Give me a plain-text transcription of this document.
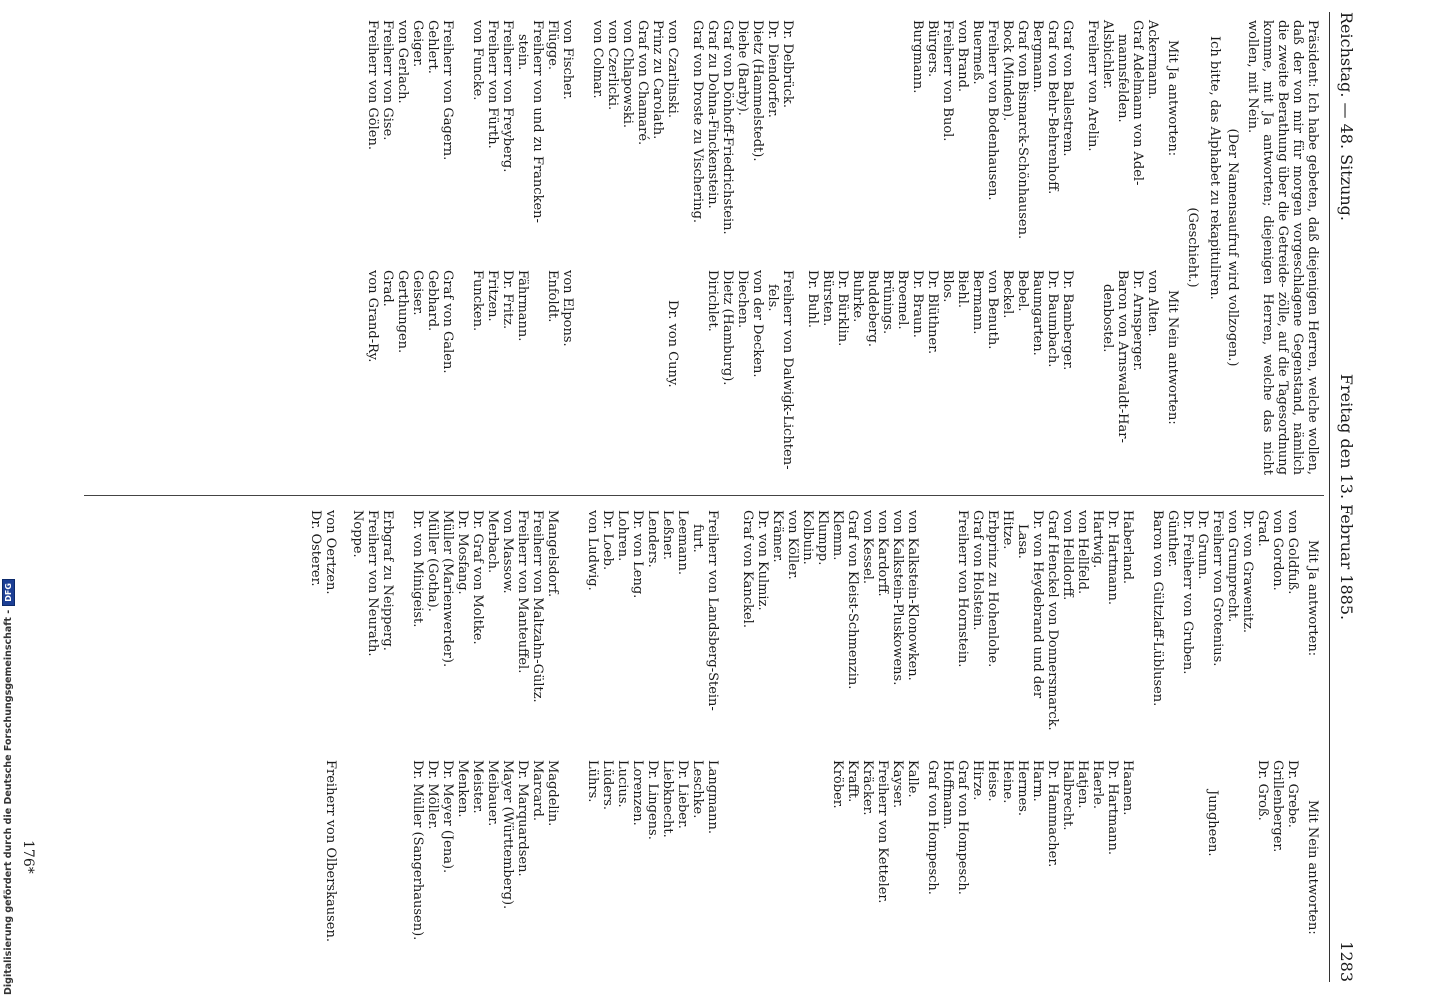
Reichstag. — 48. Sitzung.
Freitag den 13. Februar 1885.
1283
Präsident: Ich habe gebeten, daß diejenigen Herren, welche wollen, daß der von mir für morgen vorgeschlagene Gegenstand, nämlich die zweite Berathung über die Getreide- zölle, auf die Tagesordnung komme, mit Ja antworten; diejenigen Herren, welche das nicht wollen, mit Nein.
(Der Namensaufruf wird vollzogen.)
Ich bitte, das Alphabet zu rekapituliren.
(Geschieht.)
Mit Ja antworten:
Mit Nein antworten:
Ackermann.
Graf Adelmann von Adel-
mannsfelden.
Alsbichler.
Freiherr von Arelin.
von Alten.
Dr. Arnsperger.
Baron von Arnswaldt-Har-
denbostel.
Graf von Ballestrem.
Graf von Behr-Behrenhoff.
Bergmann.
Graf von Bismarck-Schönhausen.
Bock (Minden).
Freiherr von Bodenhausen.
Buermeß.
von Brand.
Freiherr von Buol.
Bürgers.
Burgmann.
Dr. Bamberger.
Dr. Baumbach.
Baumgarten.
Bebel.
Beckel.
von Benuth.
Bermann.
Biehl.
Blos.
Dr. Blüthner.
Dr. Braun.
Broemel.
Brünings.
Buddeberg.
Buhrke.
Dr. Bürklin.
Bürsten.
Dr. Buhl.
Dr. Delbrück.
Dr. Diendorfer.
Dietz (Hammelstedt).
Diehe (Barby).
Graf von Dönhoff-Friedrichstein.
Graf zu Dohna-Finckenstein.
Graf von Droste zu Vischering.
Freiherr von Dalwigk-Lichten-
fels.
von der Decken.
Diechen.
Dietz (Hamburg).
Dirichlet.
von Czarlinski.
Prinz zu Carolath.
Graf von Chamaré.
von Chlapowski.
von Czerlicki.
von Colmar.
Dr. von Cuny.
von Fischer.
Flügge.
Freiherr von und zu Francken-
stein.
Freiherr von Freyberg.
Freiherr von Fürth.
von Funcke.
von Elpons.
Enfoldt.
Fährmann.
Dr. Fritz.
Fritzen.
Funcken.
Freiherr von Gagern.
Gehlert.
Geiger.
von Gerlach.
Freiherr von Gise.
Freiherr von Gölen.
Graf von Galen.
Gebhard.
Geiser.
Gerthungen.
Grad.
von Grand-Ry.
Mit Ja antworten:
Mit Nein antworten:
von Goldfuß.
von Gordon.
Grad.
Dr. von Grawenitz.
von Grumprecht.
Freiherr von Grotenius.
Dr. Grunn.
Dr. Freiherr von Gruben.
Günther.
Baron von Gültzlaff-Lüblusen.
Dr. Grebe.
Grillenberger.
Dr. Groß.
Haberland.
Dr. Hartmann.
Hartwig.
von Hellfeld.
von Helldorff.
Graf Henckel von Donnersmarck.
Dr. von Heydebrand und der
Lasa.
Hitze.
Erbprinz zu Hohenlohe.
Graf von Holstein.
Freiherr von Hornstein.
Haanen.
Dr. Hartmann.
Haerle.
Hatjen.
Halbrecht.
Dr. Hammacher.
Harm.
Hermes.
Heine.
Heise.
Hirze.
Graf von Hompesch.
Hoffmann.
Graf von Hompesch.	Jungheen.
von Kalkstein-Klonowken.
von Kalkstein-Pluskowens.
von Kardorff.
von Kessel.
Graf von Kleist-Schmenzin.
Klemm.
Klumpp.
Kolbuin.
von Köller.
Krämer.
Dr. von Kulmiz.
Graf von Kanckel.
Kalle.
Kayser.
Freiherr von Ketteler.
Kräcker.
Krafft.
Kröber.
Freiherr von Landsberg-Stein-
furt.
Leemann.
Leßner.
Lenders.
Dr. von Leng.
Lohren.
Dr. Loeb.
von Ludwig.
Langmann.
Leschke.
Dr. Lieber.
Liebknecht.
Dr. Lingens.
Lorenzen.
Lucius.
Lüders.
Lührs.
Mangelsdorf.
Freiherr von Maltzahn-Gültz.
Freiherr von Manteuffel.
von Massow.
Merbach.
Dr. Graf von Moltke.
Dr. Mosfang.
Müller (Marienwerder).
Müller (Gotha).
Dr. von Minigeist.
Magdelin.
Marcard.
Dr. Marquardsen.
Mayer (Württemberg).
Meibauer.
Meister.
Menken.
Dr. Meyer (Jena).
Dr. Möller.
Dr. Müller (Sangerhausen).
Erbgraf zu Neipperg.
Freiherr von Neurath.
Noppe.
von Oertzen.
Dr. Osterer.
Freiherr von Olberskausen.
176*
Digitalisierung gefördert durch die Deutsche Forschungsgemeinschaft -DFG
